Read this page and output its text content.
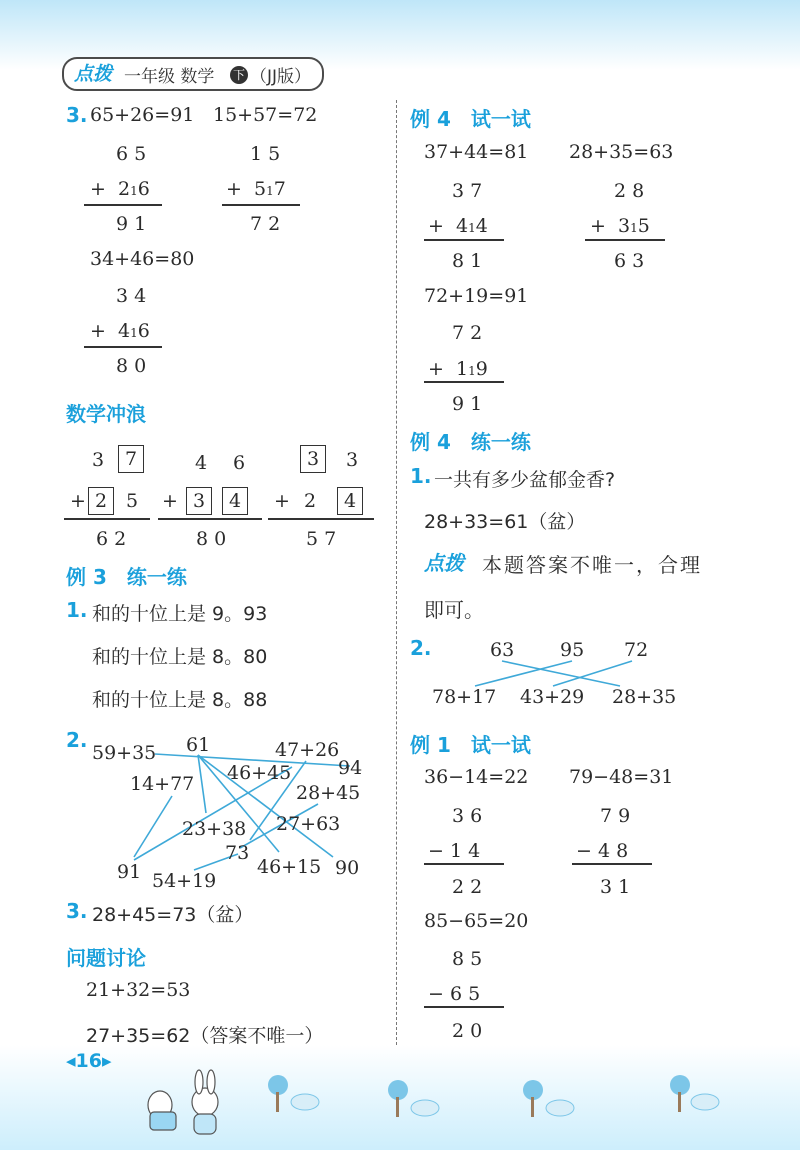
点拨 一年级 数学 下 （JJ版）
3. 65+26=91 15+57=72
6 5
+ 216
9 1
1 5
+ 517
7 2
34+46=80
3 4
+ 416
8 0
数学冲浪
3	7
+ 2 5
6 2
4 6
+ 3	4
8 0
3	3
+ 2	4
5 7
例 3　练一练
1. 和的十位上是 9。93
和的十位上是 8。80
和的十位上是 8。88
2.
59+35 61	47+26
94
14+77 46+45
28+45
23+38 27+63
73
91 54+19
46+15 90
3. 28+45=73（盆）
问题讨论
21+32=53
27+35=62（答案不唯一）
例 4　试一试
37+44=81 28+35=63
3 7
+ 414
8 1
2 8
+ 315
6 3
72+19=91
7 2
+ 119
9 1
例 4　练一练
1. 一共有多少盆郁金香?
28+33=61（盆）
点拨 本题答案不唯一，合理
即可。
2.	63 95 72
78+17 43+29 28+35
例 1　试一试
36−14=22 79−48=31
3 6
− 1 4
2 2
7 9
− 4 8
3 1
85−65=20
8 5
− 6 5
2 0
◂16▸
